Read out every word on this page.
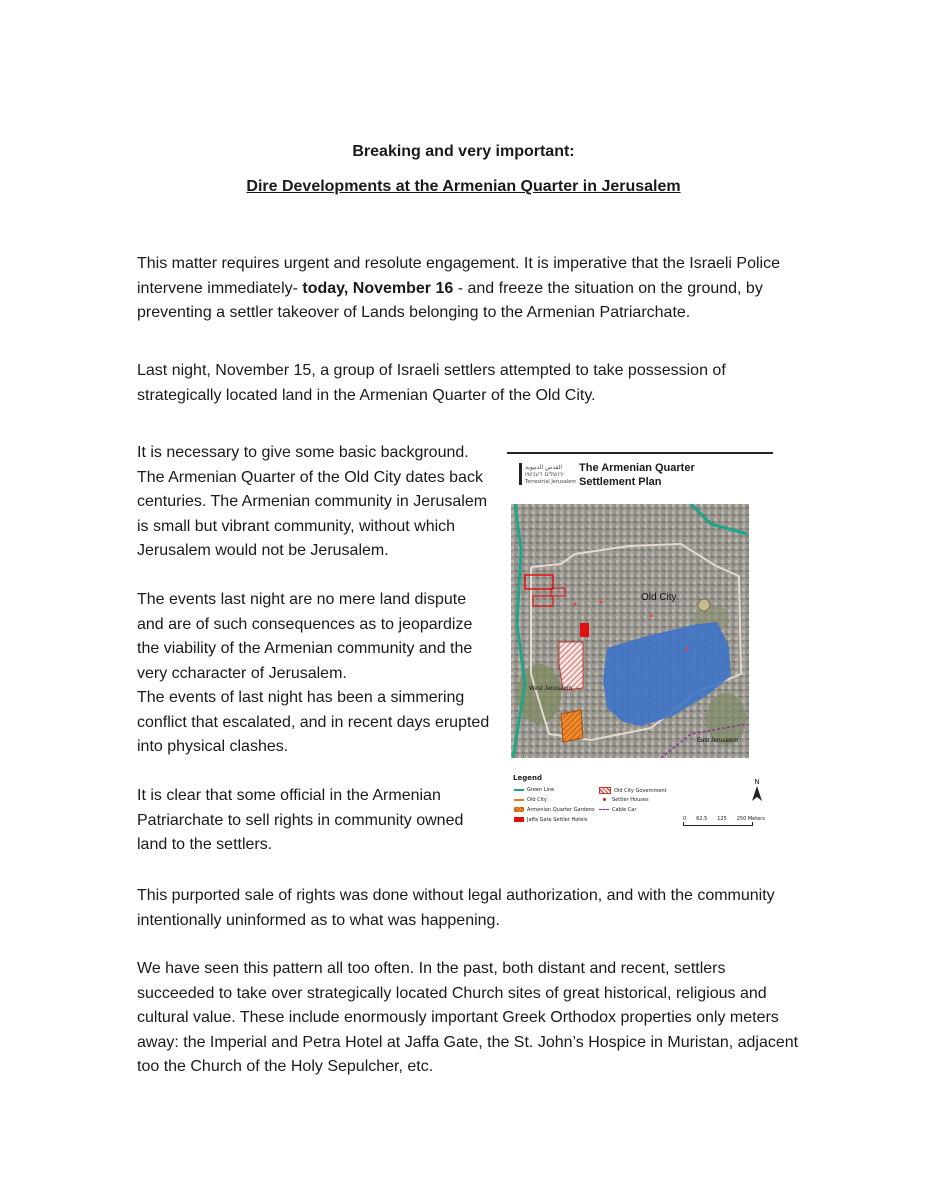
Breaking and very important:
Dire Developments at the Armenian Quarter in Jerusalem

This matter requires urgent and resolute engagement. It is imperative that the Israeli Police intervene immediately- today, November 16 - and freeze the situation on the ground, by preventing a settler takeover of Lands belonging to the Armenian Patriarchate.

Last night, November 15, a group of Israeli settlers attempted to take possession of strategically located land in the Armenian Quarter of the Old City.

It is necessary to give some basic background. The Armenian Quarter of the Old City dates back centuries. The Armenian community in Jerusalem is small but vibrant community, without which Jerusalem would not be Jerusalem.

The events last night are no mere land dispute and are of such consequences as to jeopardize the viability of the Armenian community and the very ccharacter of Jerusalem.

The events of last night has been a simmering conflict that escalated, and in recent days erupted into physical clashes.

It is clear that some official in the Armenian Patriarchate to sell rights in community owned land to the settlers.

القدس الدنيوية
ירושלים דעכשיו
Terrestrial Jerusalem
The Armenian Quarter
Settlement Plan
Old City
West Jerusalem
East Jerusalem
Legend
Green Line
Old City
Armenian Quarter Gardens
Jaffa Gate Settler Hotels
Old City Government
Settler Houses
Cable Car
N
0 62.5 125 250 Meters

This purported sale of rights was done without legal authorization, and with the community intentionally uninformed as to what was happening.

We have seen this pattern all too often. In the past, both distant and recent, settlers succeeded to take over strategically located Church sites of great historical, religious and cultural value. These include enormously important Greek Orthodox properties only meters away: the Imperial and Petra Hotel at Jaffa Gate, the St. John’s Hospice in Muristan, adjacent too the Church of the Holy Sepulcher, etc.
